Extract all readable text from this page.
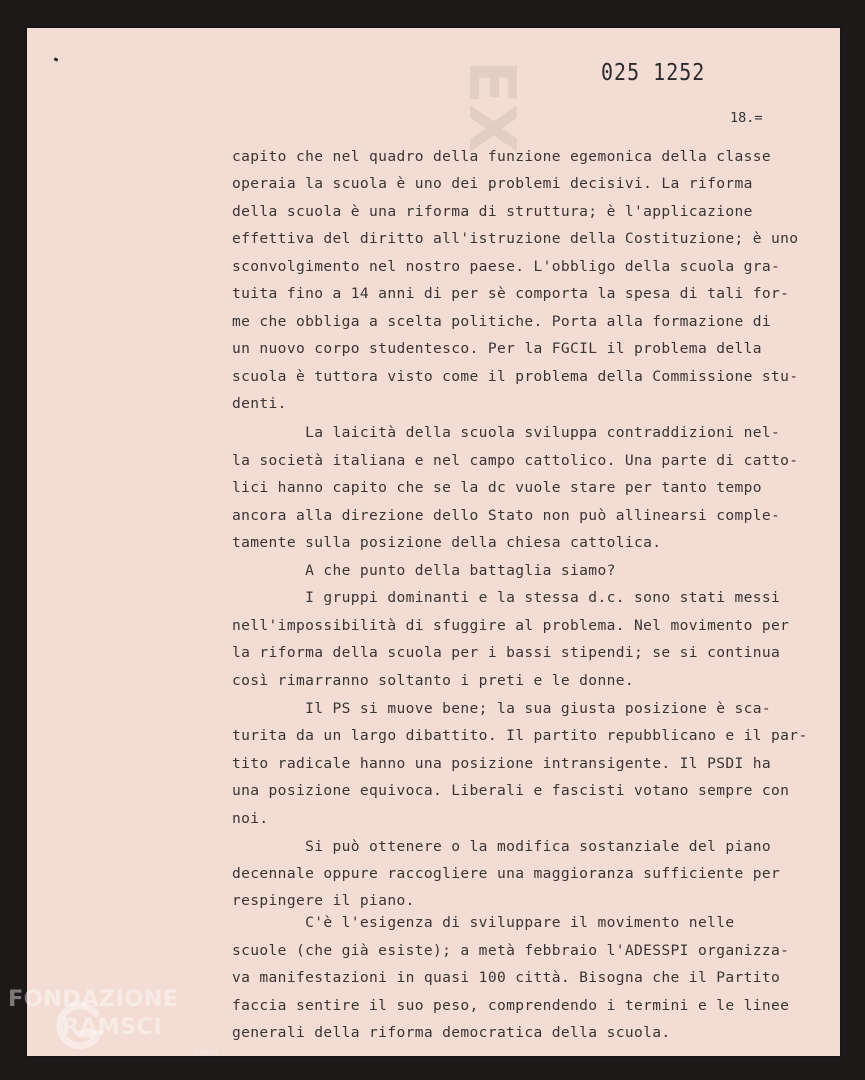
025 1252
18.=
capito che nel quadro della funzione egemonica della classe
operaia la scuola è uno dei problemi decisivi. La riforma
della scuola è una riforma di struttura; è l'applicazione
effettiva del diritto all'istruzione della Costituzione; è uno
sconvolgimento nel nostro paese. L'obbligo della scuola gra-
tuita fino a 14 anni di per sè comporta la spesa di tali for-
me che obbliga a scelta politiche. Porta alla formazione di
un nuovo corpo studentesco. Per la FGCIL il problema della
scuola è tuttora visto come il problema della Commissione stu-
denti.
La laicità della scuola sviluppa contraddizioni nel-
la società italiana e nel campo cattolico. Una parte di catto-
lici hanno capito che se la dc vuole stare per tanto tempo
ancora alla direzione dello Stato non può allinearsi comple-
tamente sulla posizione della chiesa cattolica.
A che punto della battaglia siamo?
I gruppi dominanti e la stessa d.c. sono stati messi
nell'impossibilità di sfuggire al problema. Nel movimento per
la riforma della scuola per i bassi stipendi; se si continua
così rimarranno soltanto i preti e le donne.
Il PS si muove bene; la sua giusta posizione è sca-
turita da un largo dibattito. Il partito repubblicano e il par-
tito radicale hanno una posizione intransigente. Il PSDI ha
una posizione equivoca. Liberali e fascisti votano sempre con
noi.
Si può ottenere o la modifica sostanziale del piano
decennale oppure raccogliere una maggioranza sufficiente per
respingere il piano.
C'è l'esigenza di sviluppare il movimento nelle
scuole (che già esiste); a metà febbraio l'ADESSPI organizza-
va manifestazioni in quasi 100 città. Bisogna che il Partito
faccia sentire il suo peso, comprendendo i termini e le linee
generali della riforma democratica della scuola.
FONDAZIONE
RAMSCI
onlus
